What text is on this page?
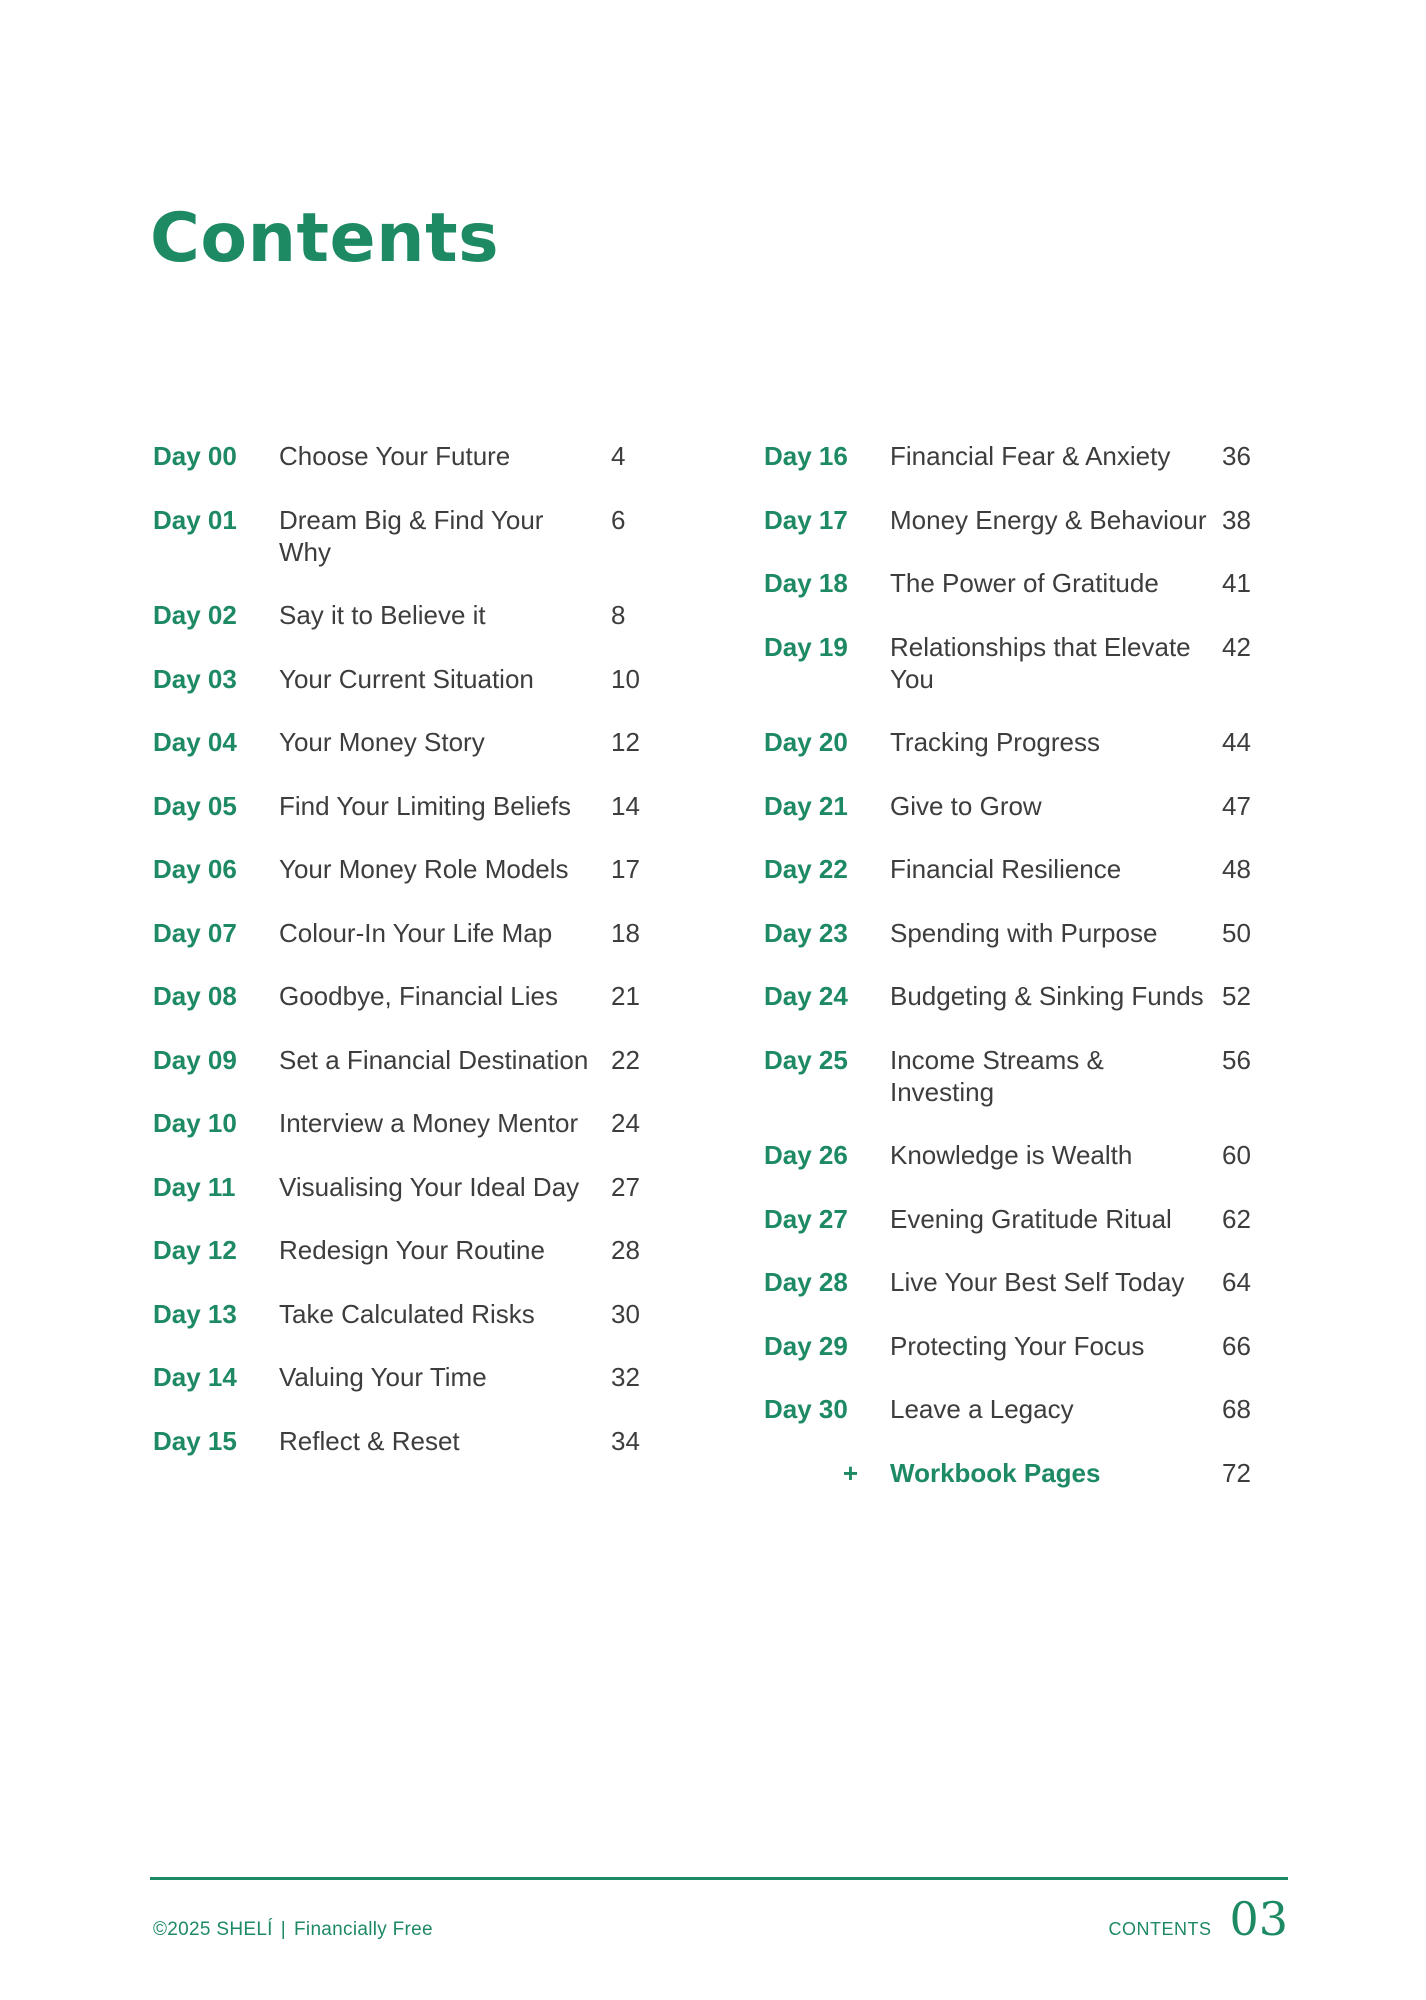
Contents
Day 00	Choose Your Future	4
Day 01	Dream Big & Find Your Why
6
Day 02	Say it to Believe it	8
Day 03	Your Current Situation	10
Day 04	Your Money Story	12
Day 05	Find Your Limiting Beliefs	14
Day 06	Your Money Role Models	17
Day 07	Colour-In Your Life Map	18
Day 08	Goodbye, Financial Lies	21
Day 09	Set a Financial Destination 22
Day 10	Interview a Money Mentor	24
Day 11	Visualising Your Ideal Day	27
Day 12	Redesign Your Routine	28
Day 13	Take Calculated Risks	30
Day 14	Valuing Your Time	32
Day 15	Reflect & Reset	34
Day 16	Financial Fear & Anxiety	36
Day 17	Money Energy & Behaviour 38
Day 18	The Power of Gratitude	41
Day 19	Relationships that Elevate You
42
Day 20	Tracking Progress	44
Day 21	Give to Grow	47
Day 22	Financial Resilience	48
Day 23	Spending with Purpose	50
Day 24	Budgeting & Sinking Funds 52
Day 25	Income Streams & Investing
56
Day 26	Knowledge is Wealth	60
Day 27	Evening Gratitude Ritual	62
Day 28	Live Your Best Self Today	64
Day 29	Protecting Your Focus	66
Day 30	Leave a Legacy	68
+	Workbook Pages	72
©2025 SHELÍ | Financially Free	CONTENTS 03
